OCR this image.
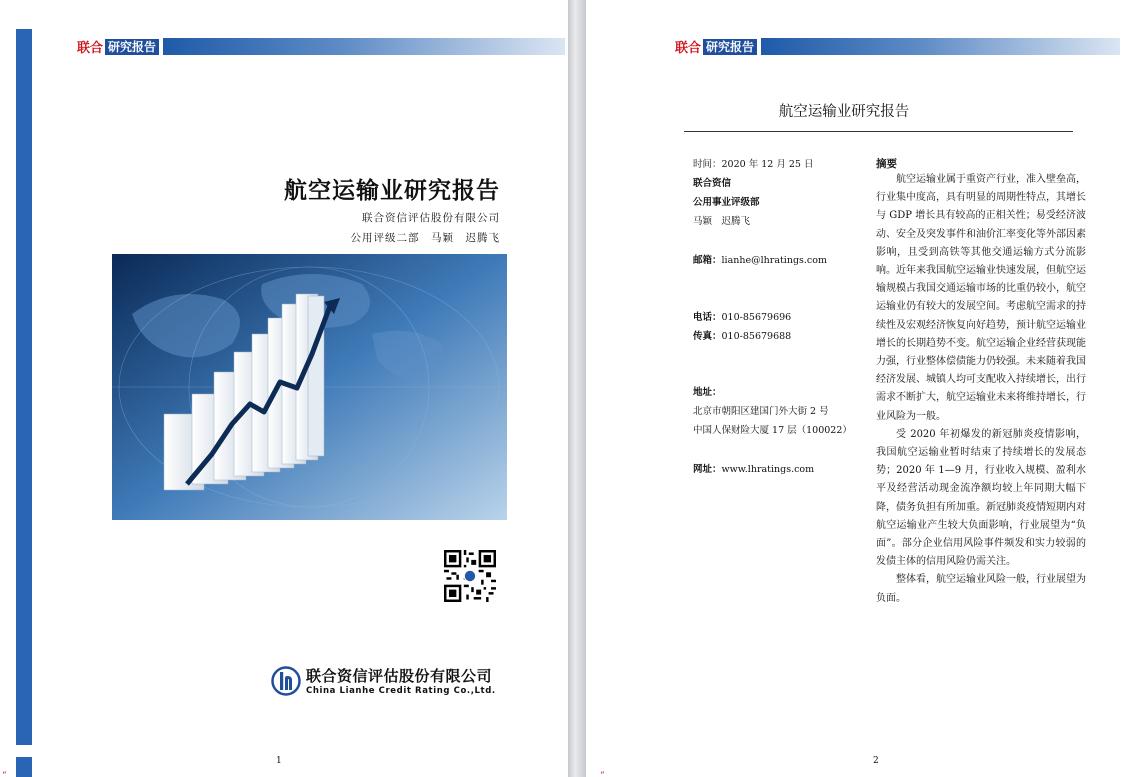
联合 研究报告
航空运输业研究报告
联合资信评估股份有限公司
公用评级二部　马颖　迟腾飞
联合资信评估股份有限公司
China Lianhe Credit Rating Co.,Ltd.
1
“
联合 研究报告
航空运输业研究报告
时间：2020 年 12 月 25 日
联合资信
公用事业评级部
马颖　迟腾飞
邮箱：lianhe@lhratings.com
电话：010-85679696
传真：010-85679688
地址：
北京市朝阳区建国门外大街 2 号
中国人保财险大厦 17 层（100022）
网址：www.lhratings.com
摘要

航空运输业属于重资产行业，准入壁垒高，行业集中度高，具有明显的周期性特点，其增长与 GDP 增长具有较高的正相关性；易受经济波动、安全及突发事件和油价汇率变化等外部因素影响，且受到高铁等其他交通运输方式分流影响。近年来我国航空运输业快速发展，但航空运输规模占我国交通运输市场的比重仍较小，航空运输业仍有较大的发展空间。考虑航空需求的持续性及宏观经济恢复向好趋势，预计航空运输业增长的长期趋势不变。航空运输企业经营获现能力强，行业整体偿债能力仍较强。未来随着我国经济发展、城镇人均可支配收入持续增长，出行需求不断扩大，航空运输业未来将维持增长，行业风险为一般。

受 2020 年初爆发的新冠肺炎疫情影响，我国航空运输业暂时结束了持续增长的发展态势；2020 年 1—9 月，行业收入规模、盈利水平及经营活动现金流净额均较上年同期大幅下降，债务负担有所加重。新冠肺炎疫情短期内对航空运输业产生较大负面影响，行业展望为“负面”。部分企业信用风险事件频发和实力较弱的发债主体的信用风险仍需关注。

整体看，航空运输业风险一般，行业展望为负面。

2
“
